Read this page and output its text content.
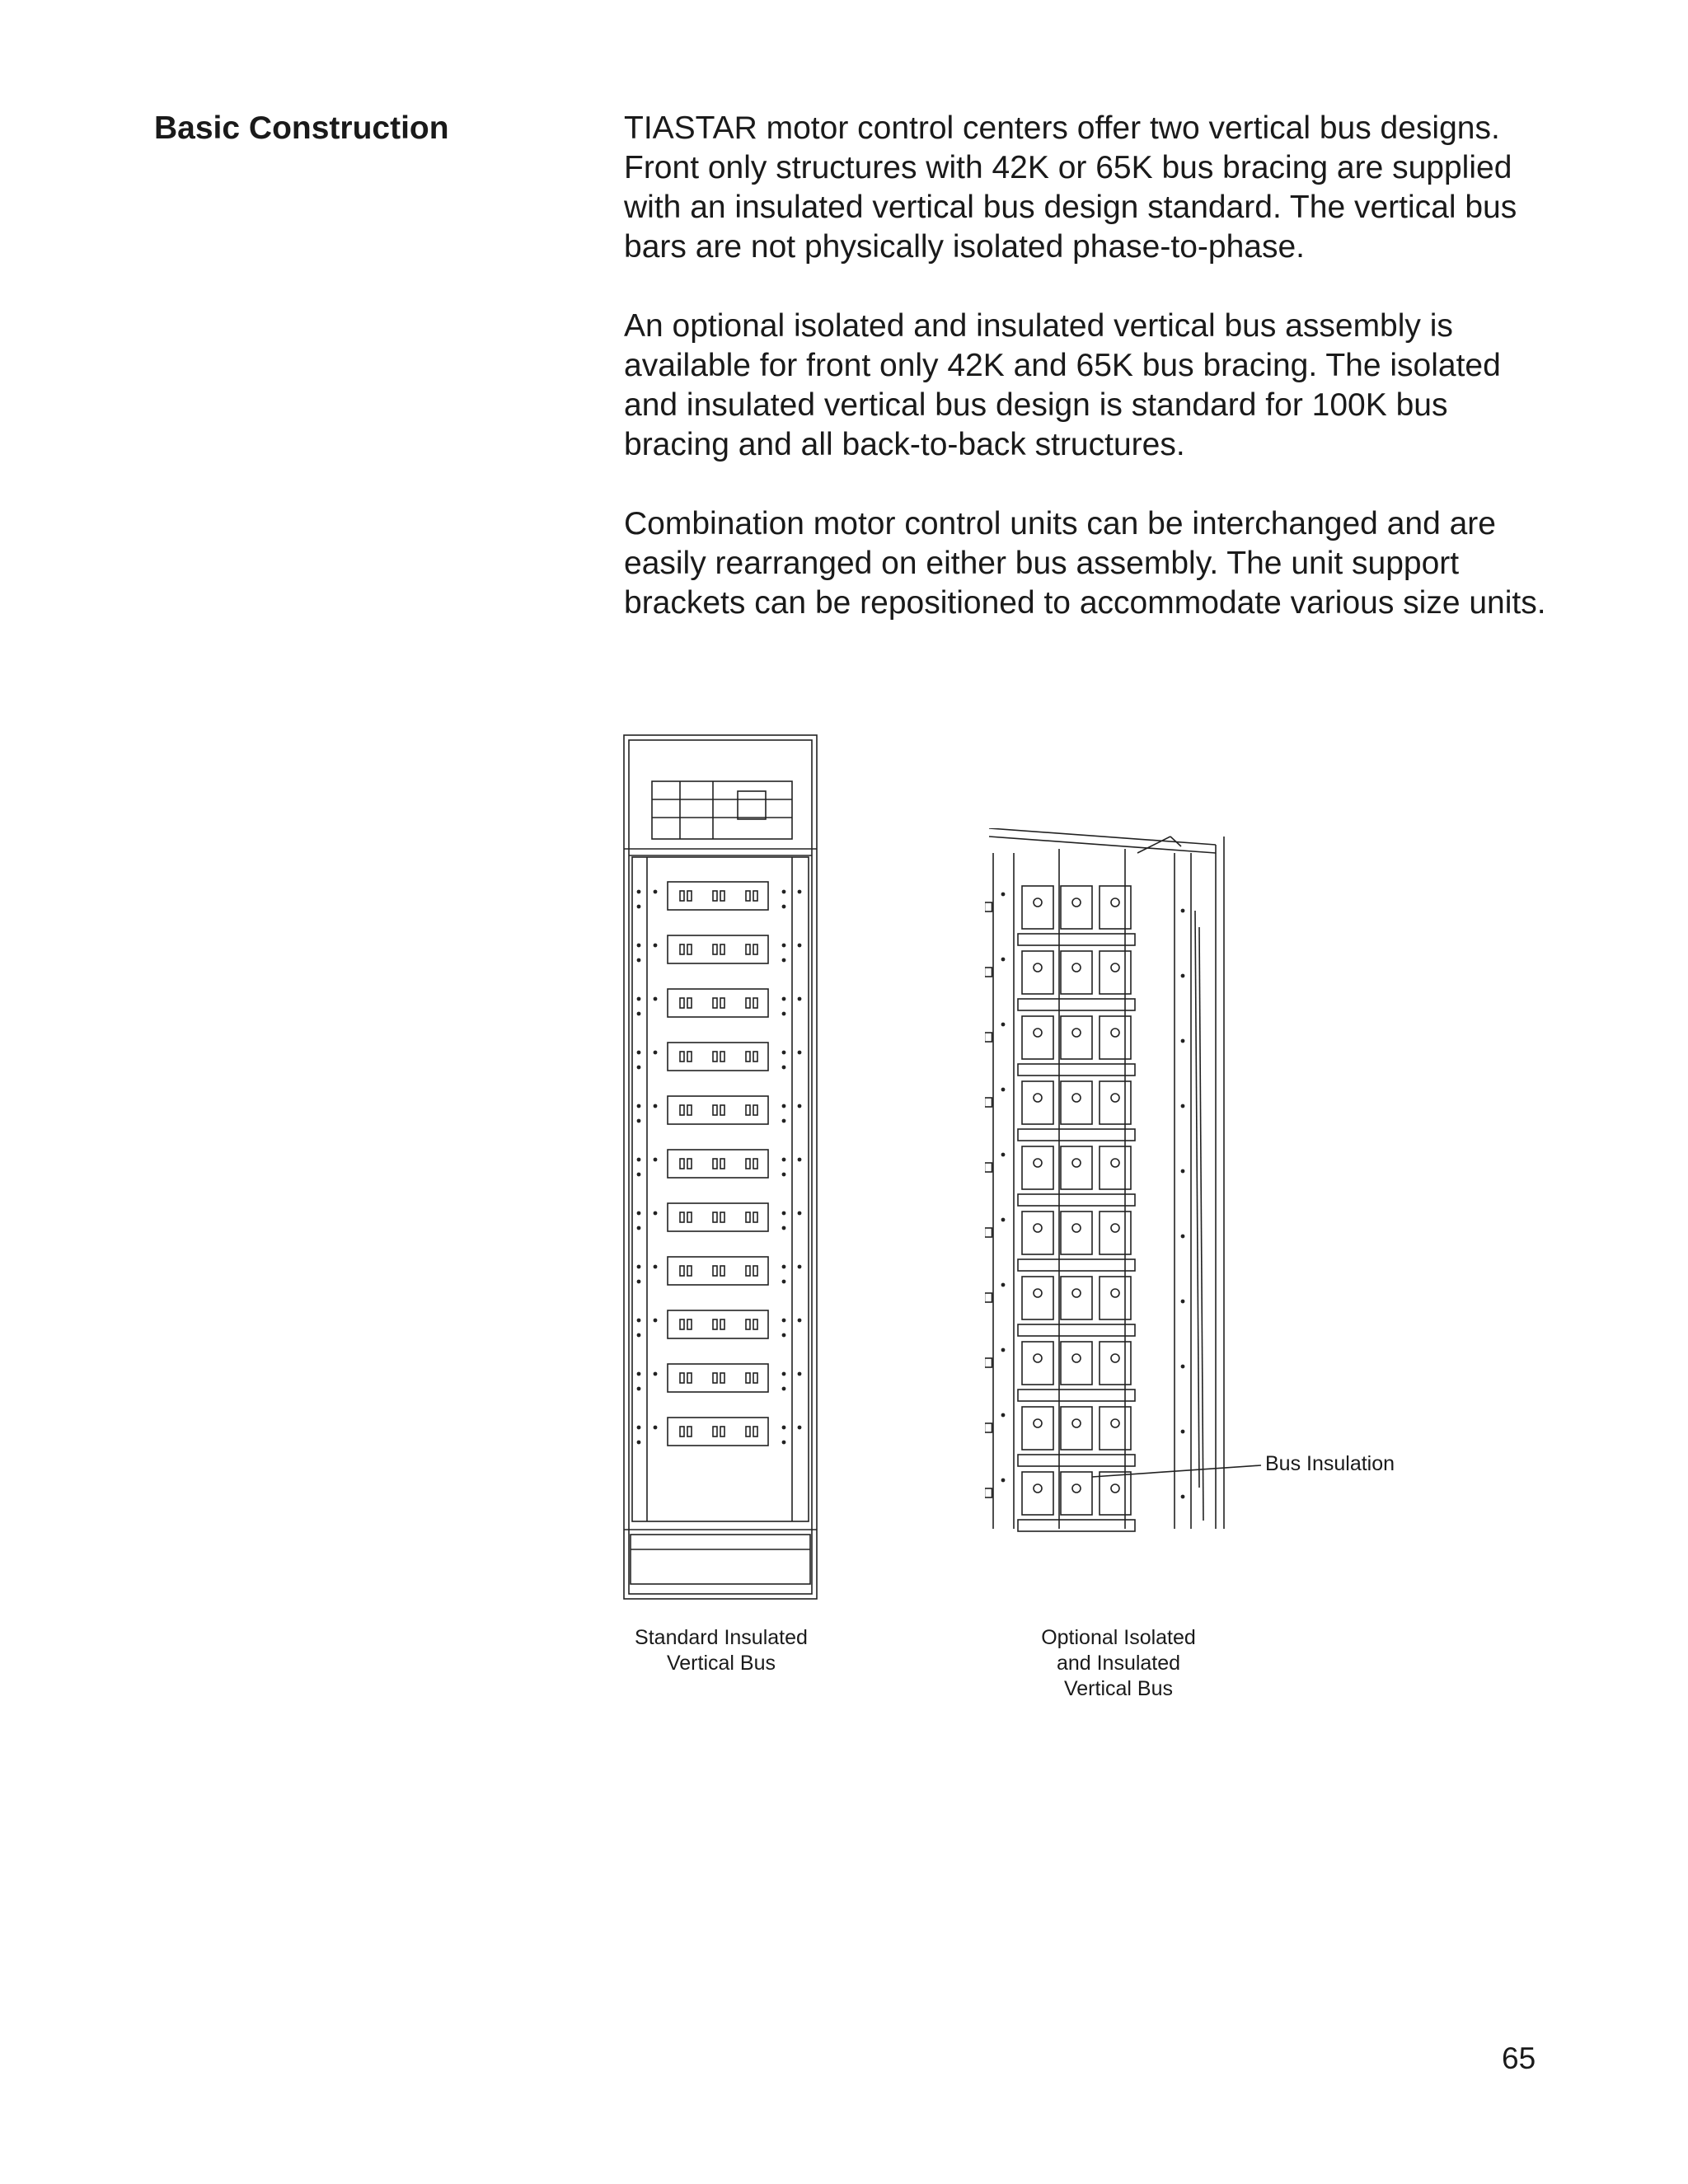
Basic Construction	TIASTAR motor control centers offer two vertical bus designs. Front only structures with 42K or 65K bus bracing are supplied with an insulated vertical bus design standard. The vertical bus bars are not physically isolated phase-to-phase.

An optional isolated and insulated vertical bus assembly is available for front only 42K and 65K bus bracing. The isolated and insulated vertical bus design is standard for 100K bus bracing and all back-to-back structures.

Combination motor control units can be interchanged and are easily rearranged on either bus assembly. The unit support brackets can be repositioned to accommodate various size units.

Standard Insulated
Vertical Bus
Bus Insulation
Optional Isolated
and Insulated
Vertical Bus
65
